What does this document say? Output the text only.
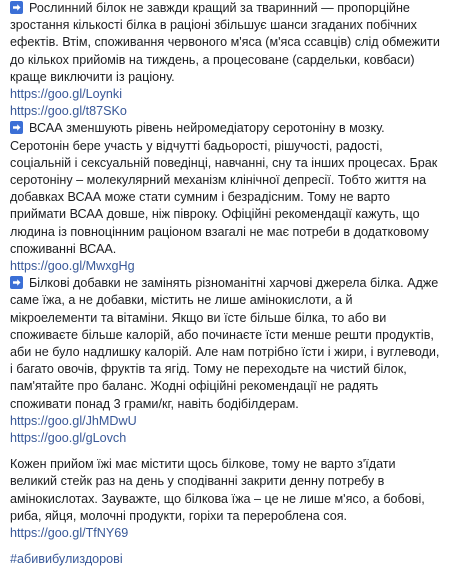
Рослинний білок не завжди кращий за тваринний — пропорційне зростання кількості білка в раціоні збільшує шанси згаданих побічних ефектів. Втім, споживання червоного м'яса (м'яса ссавців) слід обмежити до кількох прийомів на тиждень, а процесоване (сардельки, ковбаси) краще виключити із раціону.

https://goo.gl/Loynki
https://goo.gl/t87SKo

ВСАА зменшують рівень нейромедіатору серотоніну в мозку. Серотонін бере участь у відчутті бадьорості, рішучості, радості, соціальній і сексуальній поведінці, навчанні, сну та інших процесах. Брак серотоніну – молекулярний механізм клінічної депресії. Тобто життя на добавках ВСАА може стати сумним і безрадісним. Тому не варто приймати ВСАА довше, ніж півроку. Офіційні рекомендації кажуть, що людина із повноцінним раціоном взагалі не має потреби в додатковому споживанні ВСАА.

https://goo.gl/MwxgHg

Білкові добавки не замінять різноманітні харчові джерела білка. Адже саме їжа, а не добавки, містить не лише амінокислоти, а й мікроелементи та вітаміни. Якщо ви їсте більше білка, то або ви споживаєте більше калорій, або починаєте їсти менше решти продуктів, аби не було надлишку калорій. Але нам потрібно їсти і жири, і вуглеводи, і багато овочів, фруктів та ягід. Тому не переходьте на чистий білок, пам'ятайте про баланс. Жодні офіційні рекомендації не радять споживати понад 3 грами/кг, навіть бодібілдерам.

https://goo.gl/JhMDwU
https://goo.gl/gLovch

Кожен прийом їжі має містити щось білкове, тому не варто з'їдати великий стейк раз на день у сподіванні закрити денну потребу в амінокислотах. Зауважте, що білкова їжа – це не лише м'ясо, а бобові, риба, яйця, молочні продукти, горіхи та перероблена соя.

https://goo.gl/TfNY69
#абивибулиздорові
